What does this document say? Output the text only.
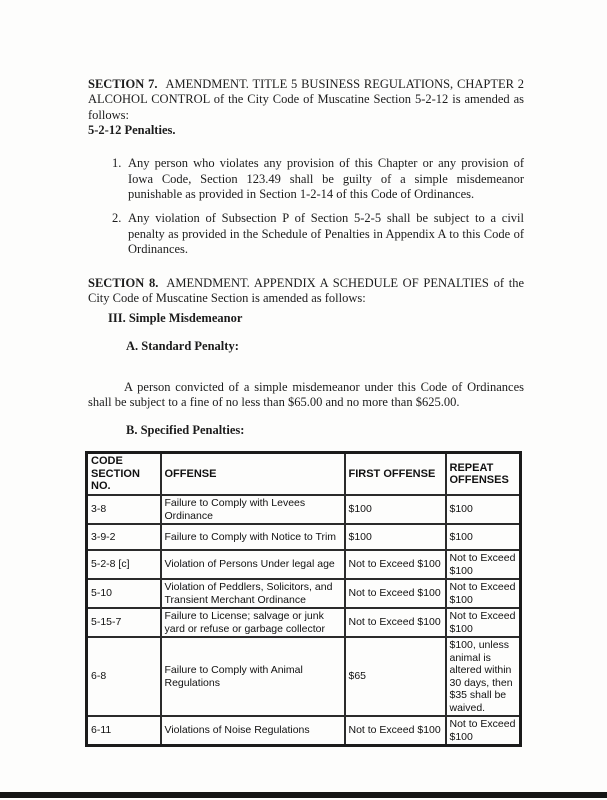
SECTION 7. AMENDMENT. TITLE 5 BUSINESS REGULATIONS, CHAPTER 2 ALCOHOL CONTROL of the City Code of Muscatine Section 5-2-12 is amended as follows:

5-2-12 Penalties.
1. Any person who violates any provision of this Chapter or any provision of Iowa Code, Section 123.49 shall be guilty of a simple misdemeanor punishable as provided in Section 1-2-14 of this Code of Ordinances.
2. Any violation of Subsection P of Section 5-2-5 shall be subject to a civil penalty as provided in the Schedule of Penalties in Appendix A to this Code of Ordinances.

SECTION 8. AMENDMENT. APPENDIX A SCHEDULE OF PENALTIES of the City Code of Muscatine Section is amended as follows:

III. Simple Misdemeanor
A. Standard Penalty:

A person convicted of a simple misdemeanor under this Code of Ordinances shall be subject to a fine of no less than $65.00 and no more than $625.00.

B. Specified Penalties:
CODE SECTION NO.	OFFENSE	FIRST OFFENSE	REPEAT OFFENSES
3-8	Failure to Comply with Levees Ordinance	$100	$100
3-9-2	Failure to Comply with Notice to Trim	$100	$100
5-2-8 [c]	Violation of Persons Under legal age	Not to Exceed $100	Not to Exceed $100
5-10	Violation of Peddlers, Solicitors, and Transient Merchant Ordinance	Not to Exceed $100	Not to Exceed $100
5-15-7	Failure to License; salvage or junk yard or refuse or garbage collector	Not to Exceed $100	Not to Exceed $100
6-8	Failure to Comply with Animal Regulations	$65	$100, unless animal is altered within 30 days, then $35 shall be waived.
6-11	Violations of Noise Regulations	Not to Exceed $100	Not to Exceed $100
